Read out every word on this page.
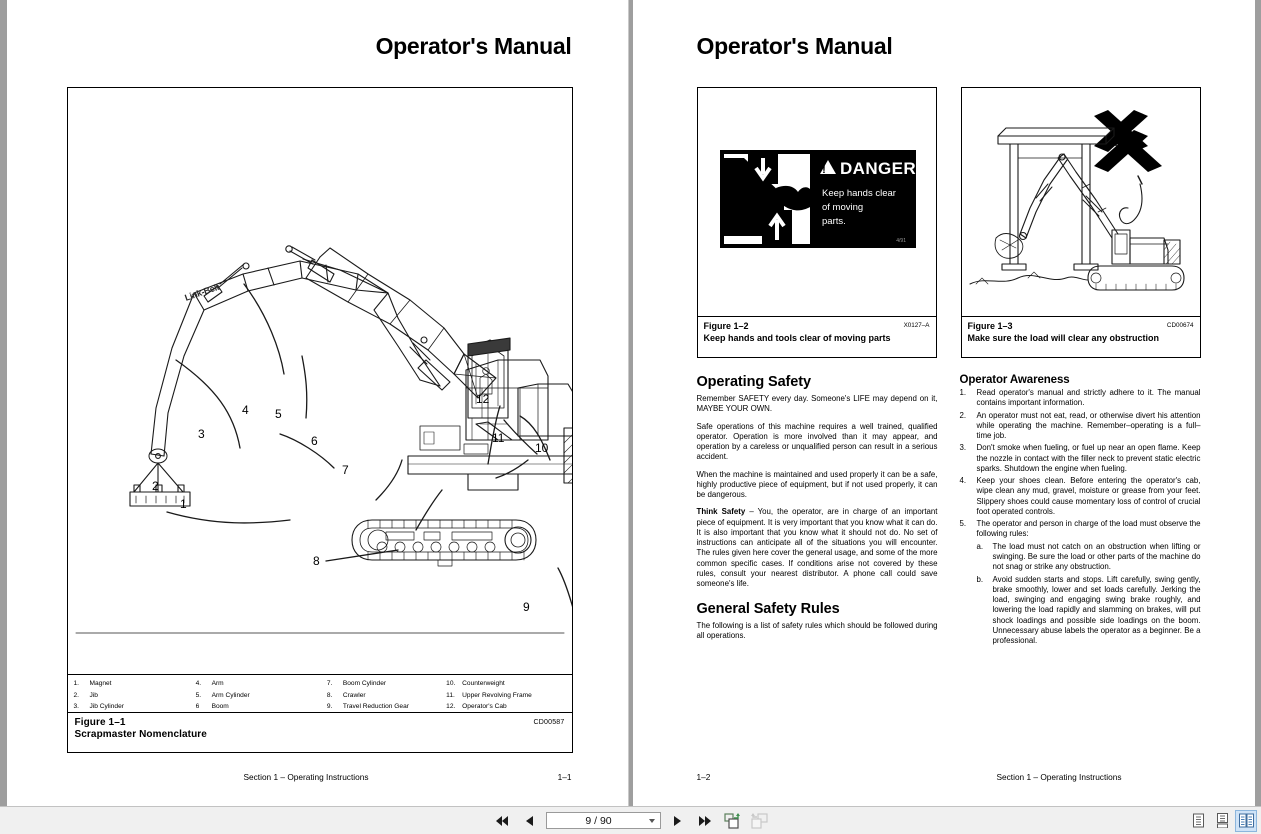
Operator's Manual
Link-Belt
1
2
3
4 5
6
7
8
9
10
11
12
1.	Magnet
2.	Jib
3.	Jib Cylinder
4.	Arm
5.	Arm Cylinder
6	Boom
7.	Boom Cylinder
8.	Crawler
9.	Travel Reduction Gear
10.	Counterweight
11.	Upper Revolving Frame
12.	Operator's Cab
Figure 1–1
Scrapmaster Nomenclature
CD00587
Section 1 – Operating Instructions	1–1
Operator's Manual
! DANGER
Keep hands clear
of moving
parts.
4/91
Figure 1–2
Keep hands and tools clear of moving parts
X0127–A
Wrong
Figure 1–3
Make sure the load will clear any obstruction
CD00674
Operating Safety

Remember SAFETY every day. Someone's LIFE may depend on it, MAYBE YOUR OWN.

Safe operations of this machine requires a well trained, qualified operator. Operation is more involved than it may appear, and operation by a careless or unqualified person can result in a serious accident.

When the machine is maintained and used properly it can be a safe, highly productive piece of equipment, but if not used properly, it can be dangerous.

Think Safety – You, the operator, are in charge of an important piece of equipment. It is very important that you know what it can do. It is also important that you know what it should not do. No set of instructions can anticipate all of the situations you will encounter. The rules given here cover the general usage, and some of the more common specific cases. If conditions arise not covered by these rules, consult your nearest distributor. A phone call could save someone's life.

General Safety Rules

The following is a list of safety rules which should be followed during all operations.

Operator Awareness
1.	Read operator's manual and strictly adhere to it. The manual contains important information.
2.	An operator must not eat, read, or otherwise divert his attention while operating the machine. Remember–operating is a full–time job.
3.	Don't smoke when fueling, or fuel up near an open flame. Keep the nozzle in contact with the filler neck to prevent static electric sparks. Shutdown the engine when fueling.
4.	Keep your shoes clean. Before entering the operator's cab, wipe clean any mud, gravel, moisture or grease from your feet. Slippery shoes could cause momentary loss of control of crucial foot operated controls.
5.	The operator and person in charge of the load must observe the following rules:
a.	The load must not catch on an obstruction when lifting or swinging. Be sure the load or other parts of the machine do not snag or strike any obstruction.
b.	Avoid sudden starts and stops. Lift carefully, swing gently, brake smoothly, lower and set loads carefully. Jerking the load, swinging and engaging swing brake roughly, and lowering the load rapidly and slamming on brakes, will put shock loadings and possible side loadings on the boom. Unnecessary abuse labels the operator as a beginner. Be a professional.
Section 1 – Operating Instructions
1–2
9 / 90
